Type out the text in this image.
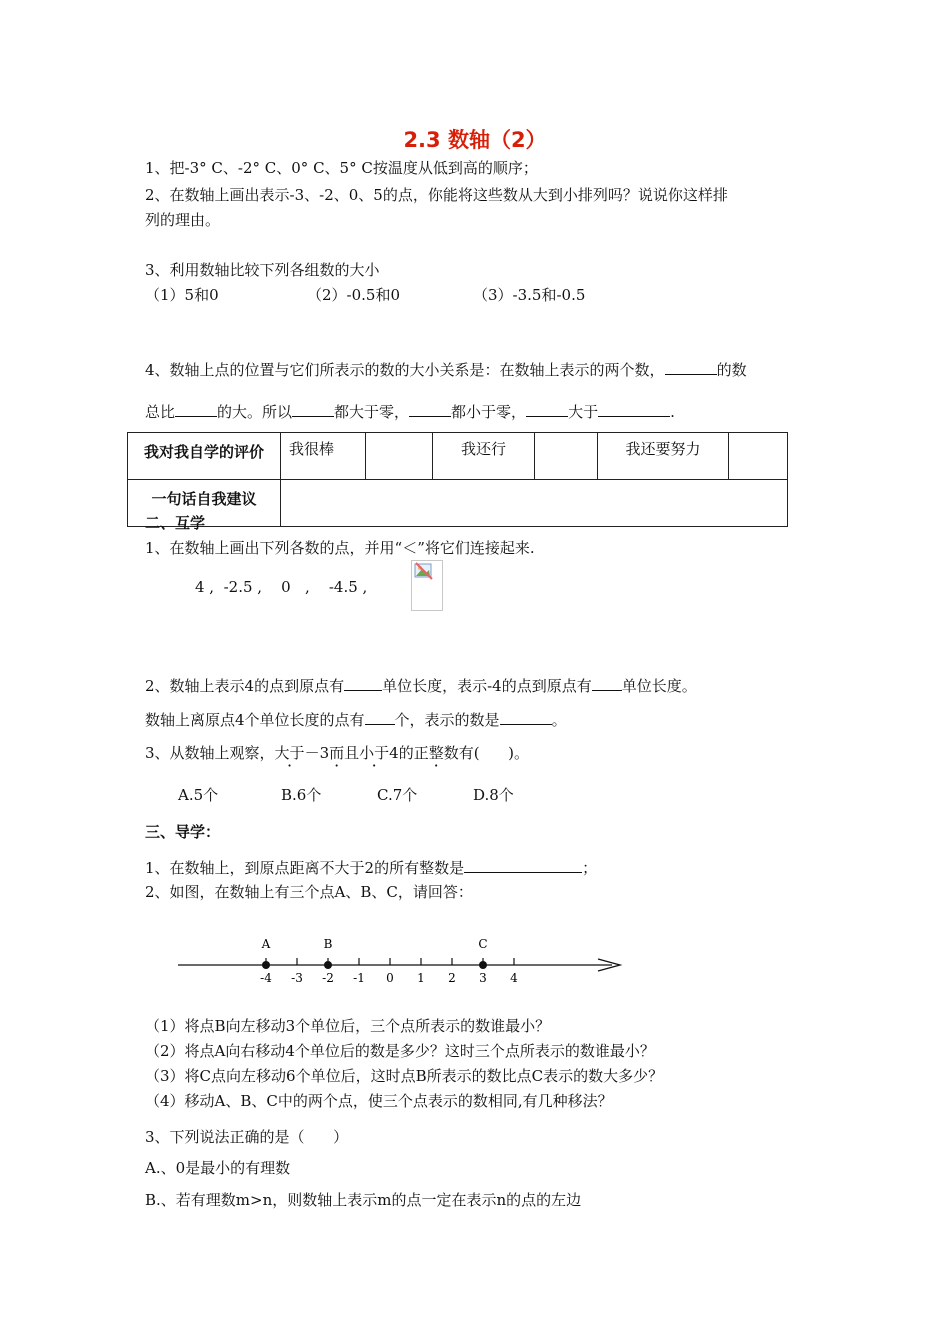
2.3 数轴（2）
1、把-3° C、-2° C、0° C、5° C按温度从低到高的顺序；
2、在数轴上画出表示-3、-2、0、5的点，你能将这些数从大到小排列吗？说说你这样排
列的理由。
3、利用数轴比较下列各组数的大小
（1）5和0	（2）-0.5和0	（3）-3.5和-0.5
4、数轴上点的位置与它们所表示的数的大小关系是：在数轴上表示的两个数，	的数
总比	的大。所以	都大于零，	都小于零，	大于	.
我对我自学的评价	我很棒		我还行		我还要努力	
一句话自我建议						
二、互学
1、在数轴上画出下列各数的点，并用“＜”将它们连接起来.
4 ,  -2.5 ,    0   ,    -4.5 ,
2、数轴上表示4的点到原点有	单位长度，表示-4的点到原点有 单位长度。
数轴上离原点4个单位长度的点有 个，表示的数是	。
3、从数轴上观察，大于－3而且小于4的正整数有(      )。
A.5个	B.6个	C.7个	D.8个
三、导学：
1、在数轴上，到原点距离不大于2的所有整数是	；
2、如图，在数轴上有三个点A、B、C，请回答：
-4 -3 -2 -1 0 1 2 3 4
A	B	C
（1）将点B向左移动3个单位后，三个点所表示的数谁最小？
（2）将点A向右移动4个单位后的数是多少？这时三个点所表示的数谁最小？
（3）将C点向左移动6个单位后，这时点B所表示的数比点C表示的数大多少？
（4）移动A、B、C中的两个点，使三个点表示的数相同,有几种移法？
3、下列说法正确的是（      ）
A.、0是最小的有理数
B.、若有理数m>n，则数轴上表示m的点一定在表示n的点的左边
